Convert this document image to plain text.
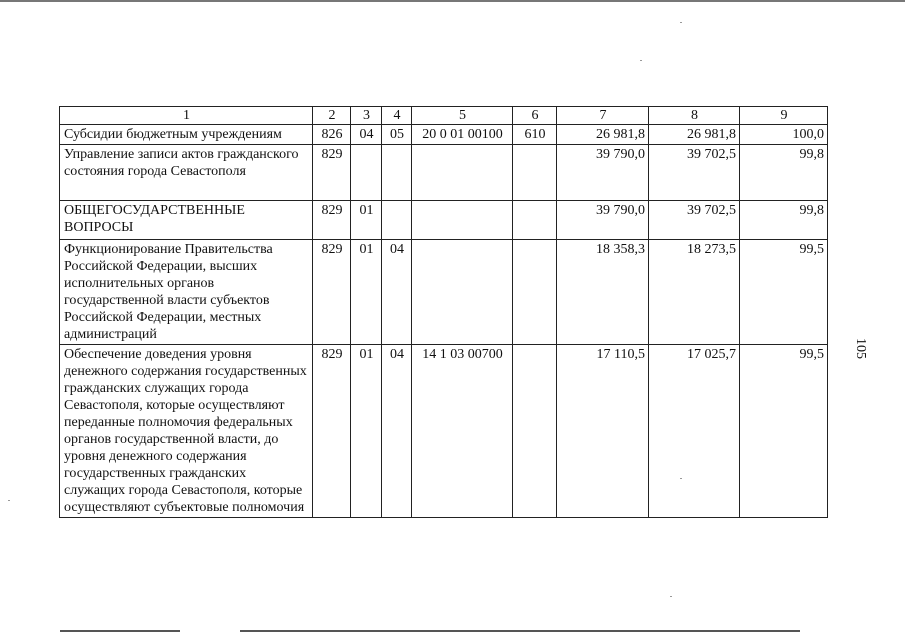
105
1	2	3	4	5	6	7	8	9
Субсидии бюджетным учреждениям	826	04	05	20 0 01 00100	610	26 981,8	26 981,8	100,0
Управление записи актов гражданского состояния города Севастополя	829					39 790,0	39 702,5	99,8
ОБЩЕГОСУДАРСТВЕННЫЕ ВОПРОСЫ	829	01				39 790,0	39 702,5	99,8
Функционирование Правительства Российской Федерации, высших исполнительных органов государственной власти субъектов Российской Федерации, местных администраций	829	01	04			18 358,3	18 273,5	99,5
Обеспечение доведения уровня денежного содержания государственных гражданских служащих города Севастополя, которые осуществляют переданные полномочия федеральных органов государственной власти, до уровня денежного содержания государственных гражданских служащих города Севастополя, которые осуществляют субъектовые полномочия	829	01	04	14 1 03 00700		17 110,5	17 025,7	99,5
